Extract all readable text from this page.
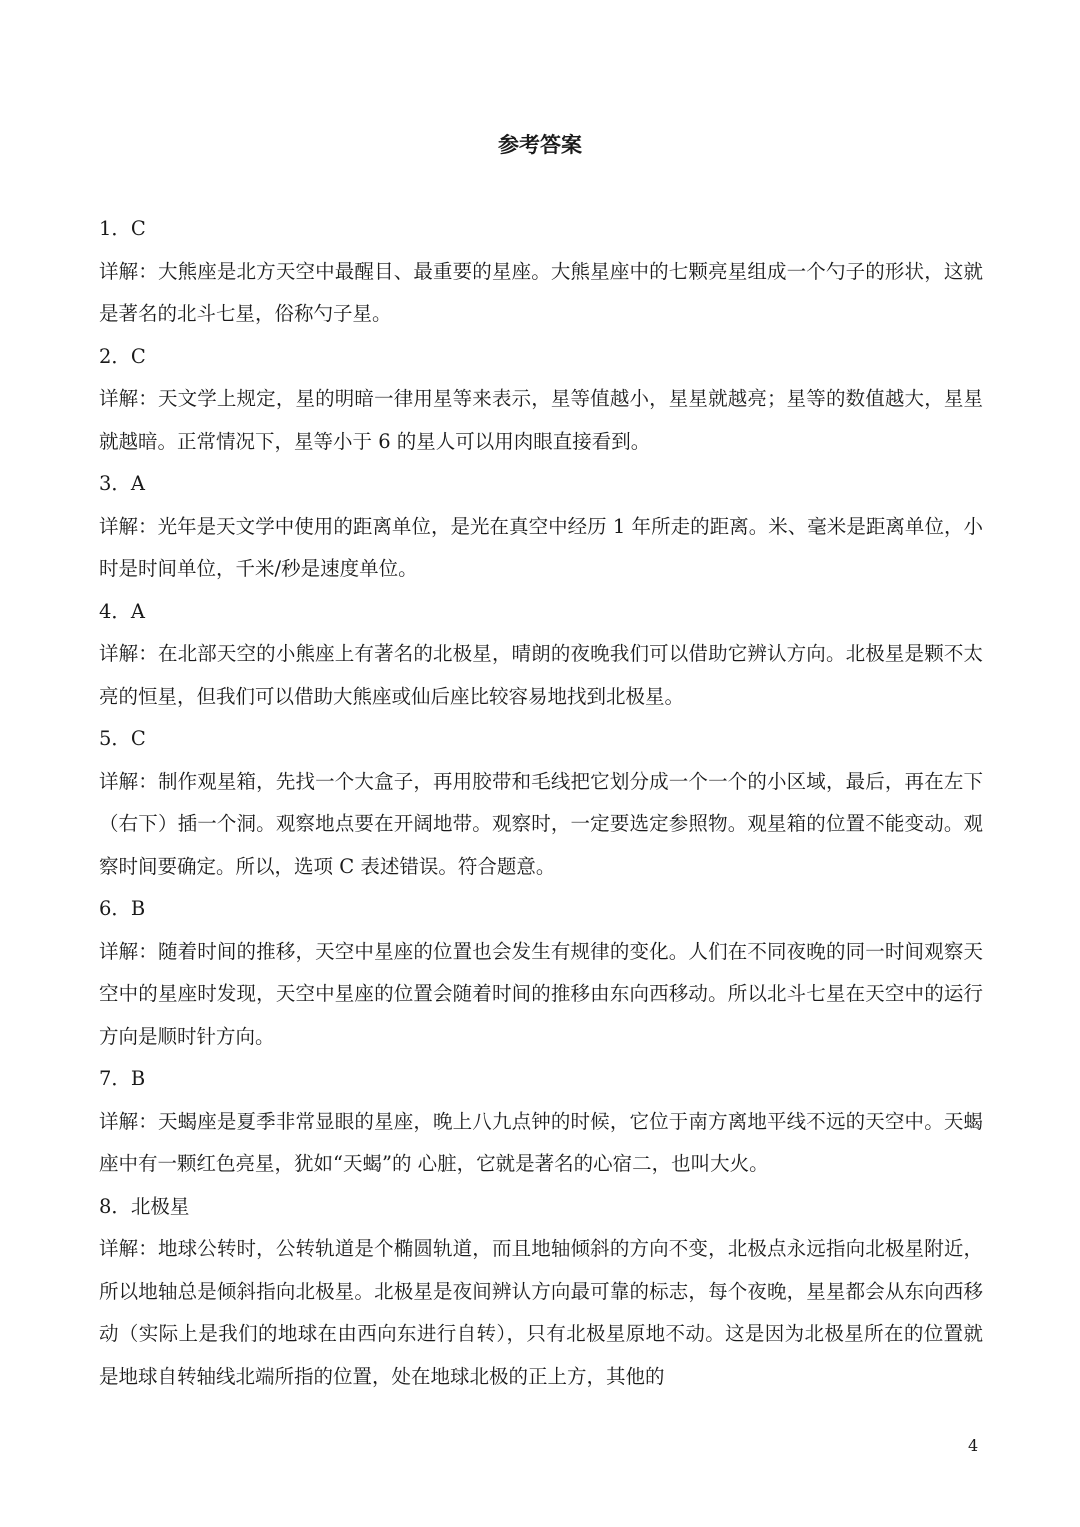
参考答案

1．C

详解：大熊座是北方天空中最醒目、最重要的星座。大熊星座中的七颗亮星组成一个勺子的形状，这就是著名的北斗七星，俗称勺子星。

2．C

详解：天文学上规定，星的明暗一律用星等来表示，星等值越小，星星就越亮；星等的数值越大，星星就越暗。正常情况下，星等小于 6 的星人可以用肉眼直接看到。

3．A

详解：光年是天文学中使用的距离单位，是光在真空中经历 1 年所走的距离。米、毫米是距离单位，小时是时间单位，千米/秒是速度单位。

4．A

详解：在北部天空的小熊座上有著名的北极星，晴朗的夜晚我们可以借助它辨认方向。北极星是颗不太亮的恒星，但我们可以借助大熊座或仙后座比较容易地找到北极星。

5．C

详解：制作观星箱，先找一个大盒子，再用胶带和毛线把它划分成一个一个的小区域，最后，再在左下（右下）插一个洞。观察地点要在开阔地带。观察时，一定要选定参照物。观星箱的位置不能变动。观察时间要确定。所以，选项 C 表述错误。符合题意。

6．B

详解：随着时间的推移，天空中星座的位置也会发生有规律的变化。人们在不同夜晚的同一时间观察天空中的星座时发现，天空中星座的位置会随着时间的推移由东向西移动。所以北斗七星在天空中的运行方向是顺时针方向。

7．B

详解：天蝎座是夏季非常显眼的星座，晚上八九点钟的时候，它位于南方离地平线不远的天空中。天蝎座中有一颗红色亮星，犹如“天蝎”的 心脏，它就是著名的心宿二，也叫大火。

8．北极星

详解：地球公转时，公转轨道是个椭圆轨道，而且地轴倾斜的方向不变，北极点永远指向北极星附近，所以地轴总是倾斜指向北极星。北极星是夜间辨认方向最可靠的标志，每个夜晚，星星都会从东向西移动（实际上是我们的地球在由西向东进行自转），只有北极星原地不动。这是因为北极星所在的位置就是地球自转轴线北端所指的位置，处在地球北极的正上方，其他的

4
